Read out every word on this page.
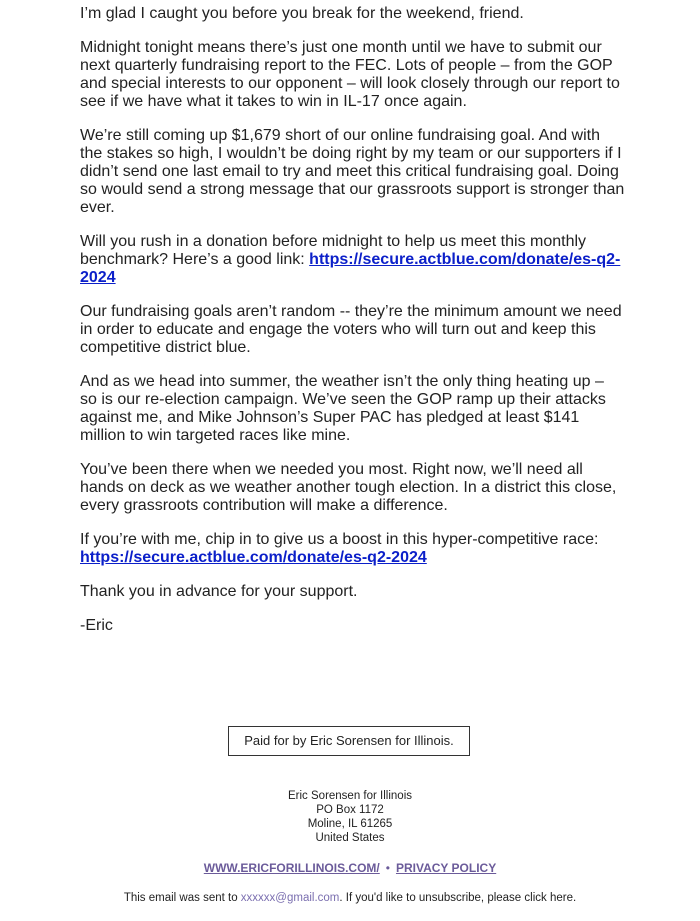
I’m glad I caught you before you break for the weekend, friend.

Midnight tonight means there’s just one month until we have to submit our next quarterly fundraising report to the FEC. Lots of people – from the GOP and special interests to our opponent – will look closely through our report to see if we have what it takes to win in IL-17 once again.

We’re still coming up $1,679 short of our online fundraising goal. And with the stakes so high, I wouldn’t be doing right by my team or our supporters if I didn’t send one last email to try and meet this critical fundraising goal. Doing so would send a strong message that our grassroots support is stronger than ever.

Will you rush in a donation before midnight to help us meet this monthly benchmark? Here’s a good link: https://secure.actblue.com/donate/es-q2-2024

Our fundraising goals aren’t random -- they’re the minimum amount we need in order to educate and engage the voters who will turn out and keep this competitive district blue.

And as we head into summer, the weather isn’t the only thing heating up – so is our re-election campaign. We’ve seen the GOP ramp up their attacks against me, and Mike Johnson’s Super PAC has pledged at least $141 million to win targeted races like mine.

You’ve been there when we needed you most. Right now, we’ll need all hands on deck as we weather another tough election. In a district this close, every grassroots contribution will make a difference.

If you’re with me, chip in to give us a boost in this hyper-competitive race: https://secure.actblue.com/donate/es-q2-2024

Thank you in advance for your support.

-Eric

Paid for by Eric Sorensen for Illinois.
Eric Sorensen for Illinois
PO Box 1172
Moline, IL 61265
United States
WWW.ERICFORILLINOIS.COM/ • PRIVACY POLICY
This email was sent to xxxxxx@gmail.com. If you'd like to unsubscribe, please click here.
